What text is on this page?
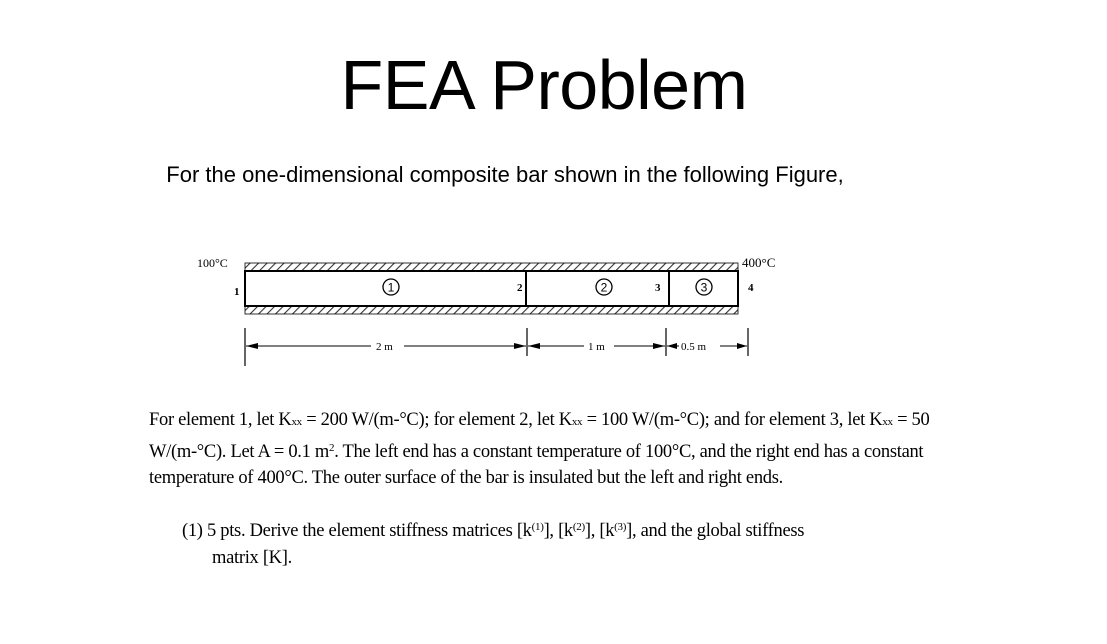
FEA Problem
For the one-dimensional composite bar shown in the following Figure,
100°C	400°C
1	2	3	4
1	2	3
2 m	1 m	0.5 m
For element 1, let Kxx = 200 W/(m-°C); for element 2, let Kxx = 100 W/(m-°C); and for element 3, let Kxx = 50 W/(m-°C). Let A = 0.1 $m^2$. The left end has a constant temperature of 100°C, and the right end has a constant temperature of 400°C. The outer surface of the bar is insulated but the left and right ends.
(1) 5 pts. Derive the element stiffness matrices $[k^{(1)}]$, $[k^{(2)}]$, $[k^{(3)}]$, and the global stiffness
matrix [K].
